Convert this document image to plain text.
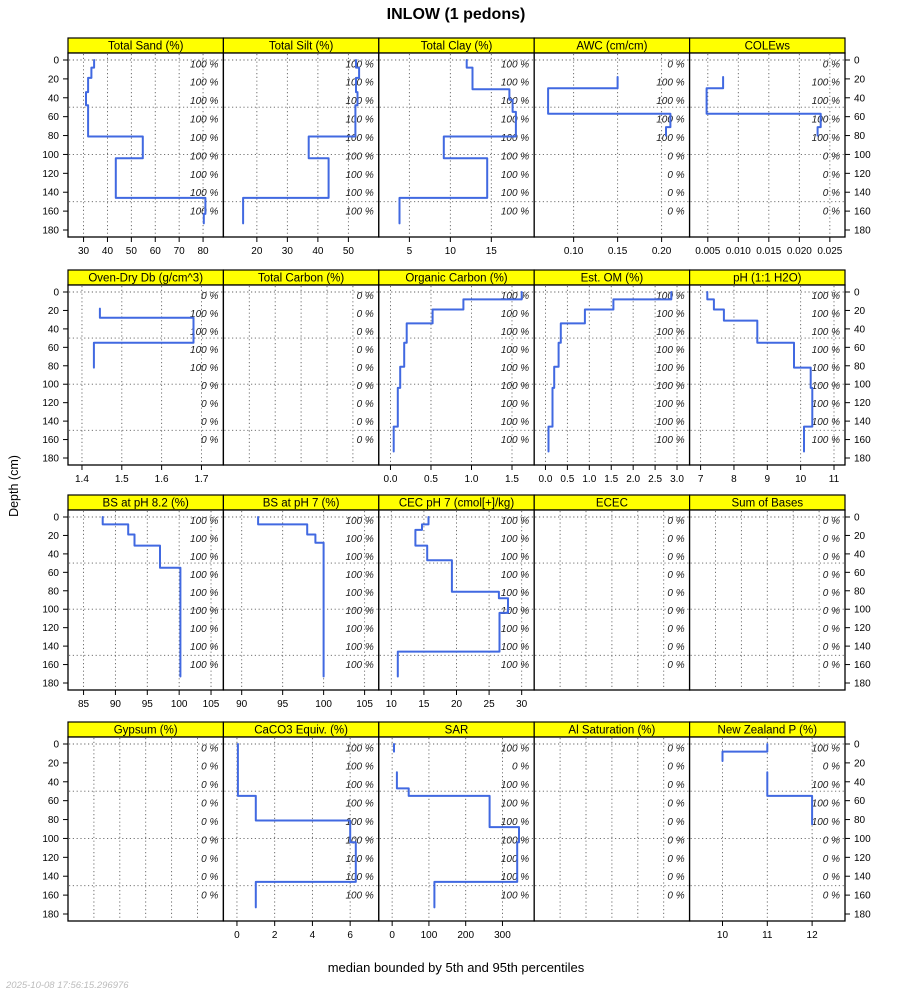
INLOW (1 pedons)
Depth (cm)
0	0
20	20
40	40
60	60
80	80
100	100
120	120
140	140
160	160
180	180
Total Sand (%)
30 40 50 60 70 80
100 %
100 %
100 %
100 %
100 %
100 %
100 %
100 %
100 %
Total Silt (%)
20 30 40 50
100 %
100 %
100 %
100 %
100 %
100 %
100 %
100 %
100 %
Total Clay (%)
5	10	15
100 %
100 %
100 %
100 %
100 %
100 %
100 %
100 %
100 %
AWC (cm/cm)
0.10 0.15 0.20
0 %
100 %
100 %
100 %
100 %
0 %
0 %
0 %
0 %
COLEws
0.005 0.010 0.015 0.020 0.025
0 %
100 %
100 %
100 %
100 %
0 %
0 %
0 %
0 %
0	0
20	20
40	40
60	60
80	80
100	100
120	120
140	140
160	160
180	180
Oven-Dry Db (g/cm^3)
1.4	1.5	1.6	1.7
0 %
100 %
100 %
100 %
100 %
0 %
0 %
0 %
0 %
Total Carbon (%)
0 %
0 %
0 %
0 %
0 %
0 %
0 %
0 %
0 %
Organic Carbon (%)
0.0	0.5	1.0	1.5
100 %
100 %
100 %
100 %
100 %
100 %
100 %
100 %
100 %
Est. OM (%)
0.0 0.5 1.0 1.5 2.0 2.5 3.0
100 %
100 %
100 %
100 %
100 %
100 %
100 %
100 %
100 %
pH (1:1 H2O)
7	8	9	10 11
100 %
100 %
100 %
100 %
100 %
100 %
100 %
100 %
100 %
0	0
20	20
40	40
60	60
80	80
100	100
120	120
140	140
160	160
180	180
BS at pH 8.2 (%)
85 90 95 100 105
100 %
100 %
100 %
100 %
100 %
100 %
100 %
100 %
100 %
BS at pH 7 (%)
90	95	100 105
100 %
100 %
100 %
100 %
100 %
100 %
100 %
100 %
100 %
CEC pH 7 (cmol[+]/kg)
10 15 20 25 30
100 %
100 %
100 %
100 %
100 %
100 %
100 %
100 %
100 %
ECEC
0 %
0 %
0 %
0 %
0 %
0 %
0 %
0 %
0 %
Sum of Bases
0 %
0 %
0 %
0 %
0 %
0 %
0 %
0 %
0 %
0	0
20	20
40	40
60	60
80	80
100	100
120	120
140	140
160	160
180	180
Gypsum (%)
0 %
0 %
0 %
0 %
0 %
0 %
0 %
0 %
0 %
CaCO3 Equiv. (%)
0	2	4	6
100 %
100 %
100 %
100 %
100 %
100 %
100 %
100 %
100 %
SAR
0	100 200 300
100 %
0 %
100 %
100 %
100 %
100 %
100 %
100 %
100 %
Al Saturation (%)
0 %
0 %
0 %
0 %
0 %
0 %
0 %
0 %
0 %
New Zealand P (%)
10	11	12
100 %
0 %
100 %
100 %
100 %
0 %
0 %
0 %
0 %
median bounded by 5th and 95th percentiles
2025-10-08 17:56:15.296976
